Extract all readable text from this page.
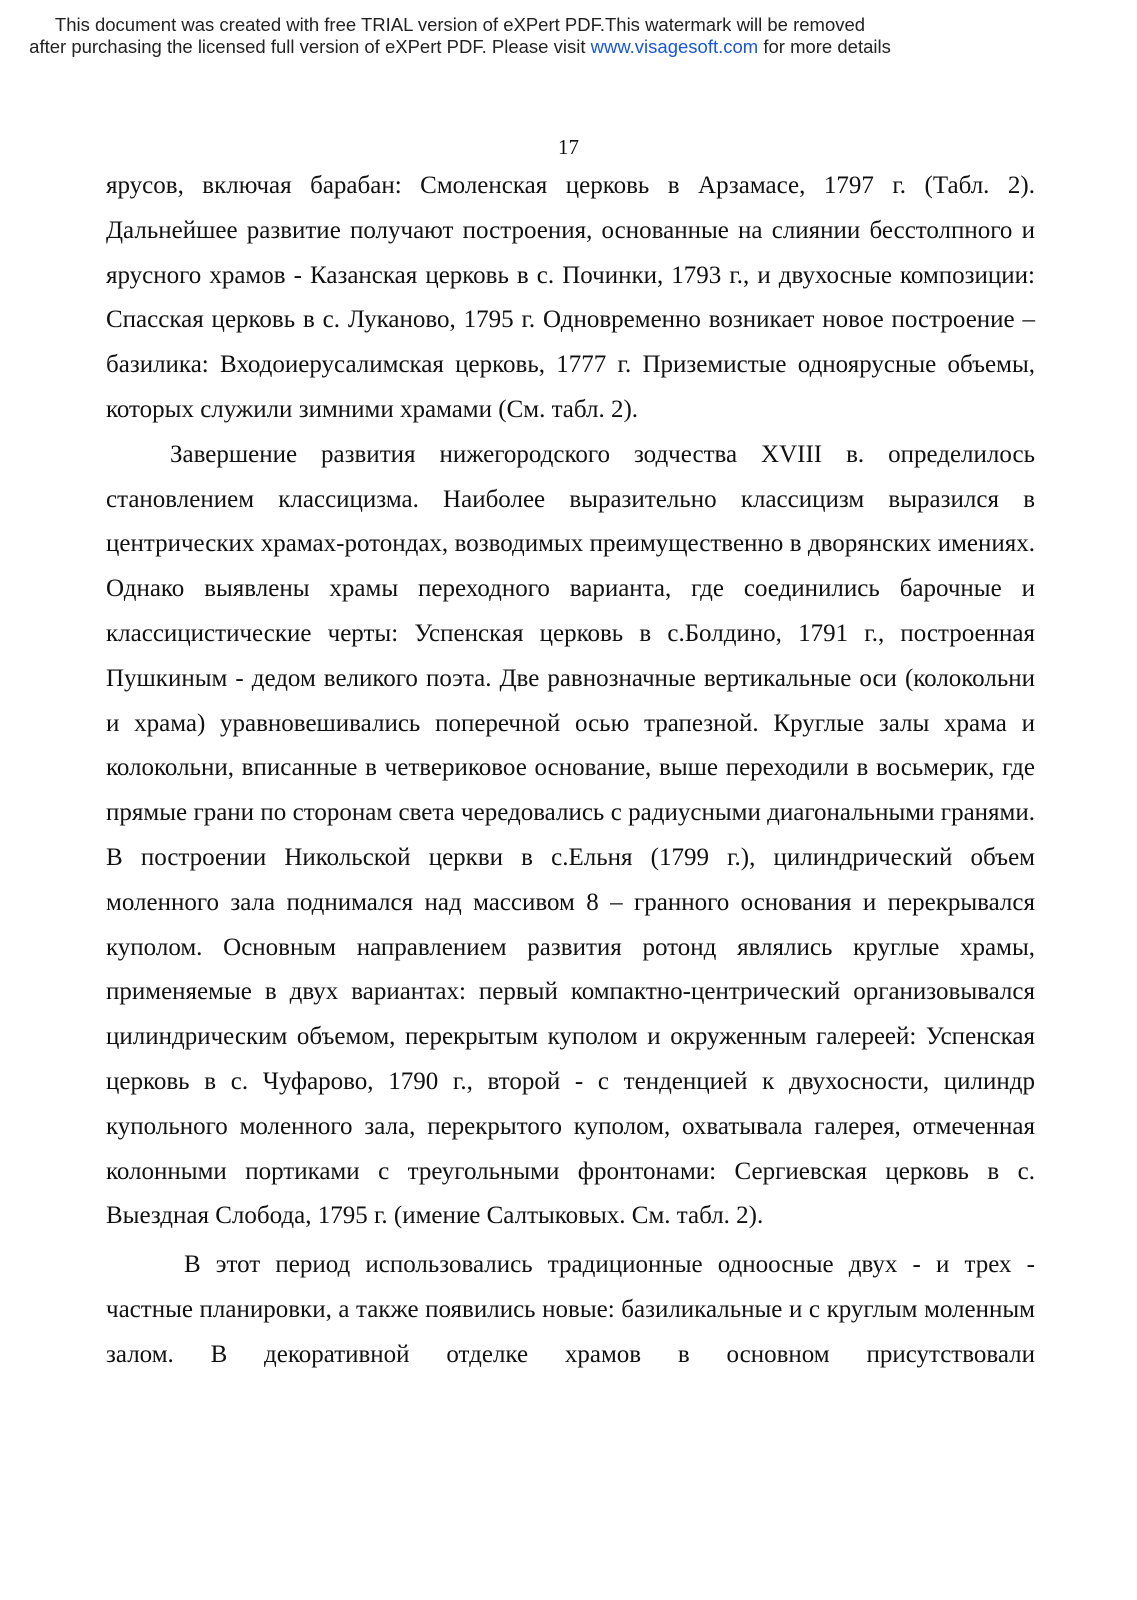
This document was created with free TRIAL version of eXPert PDF.This watermark will be removed
after purchasing the licensed full version of eXPert PDF. Please visit www.visagesoft.com for more details
17

ярусов, включая барабан: Смоленская церковь в Арзамасе, 1797 г. (Табл. 2). Дальнейшее развитие получают построения, основанные на слиянии бесстолпного и ярусного храмов - Казанская церковь в с. Починки, 1793 г., и двухосные композиции: Спасская церковь в с. Луканово, 1795 г. Одновременно возникает новое построение – базилика: Входоиерусалимская церковь, 1777 г. Приземистые одноярусные объемы, которых служили зимними храмами (См. табл. 2).

Завершение развития нижегородского зодчества XVIII в. определилось становлением классицизма. Наиболее выразительно классицизм выразился в центрических храмах-ротондах, возводимых преимущественно в дворянских имениях. Однако выявлены храмы переходного варианта, где соединились барочные и классицистические черты: Успенская церковь в с.Болдино, 1791 г., построенная Пушкиным - дедом великого поэта. Две равнозначные вертикальные оси (колокольни и храма) уравновешивались поперечной осью трапезной. Круглые залы храма и колокольни, вписанные в четвериковое основание, выше переходили в восьмерик, где прямые грани по сторонам света чередовались с радиусными диагональными гранями. В построении Никольской церкви в с.Ельня (1799 г.), цилиндрический объем моленного зала поднимался над массивом 8 – гранного основания и перекрывался куполом. Основным направлением развития ротонд являлись круглые храмы, применяемые в двух вариантах: первый компактно-центрический организовывался цилиндрическим объемом, перекрытым куполом и окруженным галереей: Успенская церковь в с. Чуфарово, 1790 г., второй - с тенденцией к двухосности, цилиндр купольного моленного зала, перекрытого куполом, охватывала галерея, отмеченная колонными портиками с треугольными фронтонами: Сергиевская церковь в с. Выездная Слобода, 1795 г. (имение Салтыковых. См. табл. 2).

В этот период использовались традиционные одноосные двух - и трех - частные планировки, а также появились новые: базиликальные и с круглым моленным залом. В декоративной отделке храмов в основном присутствовали
